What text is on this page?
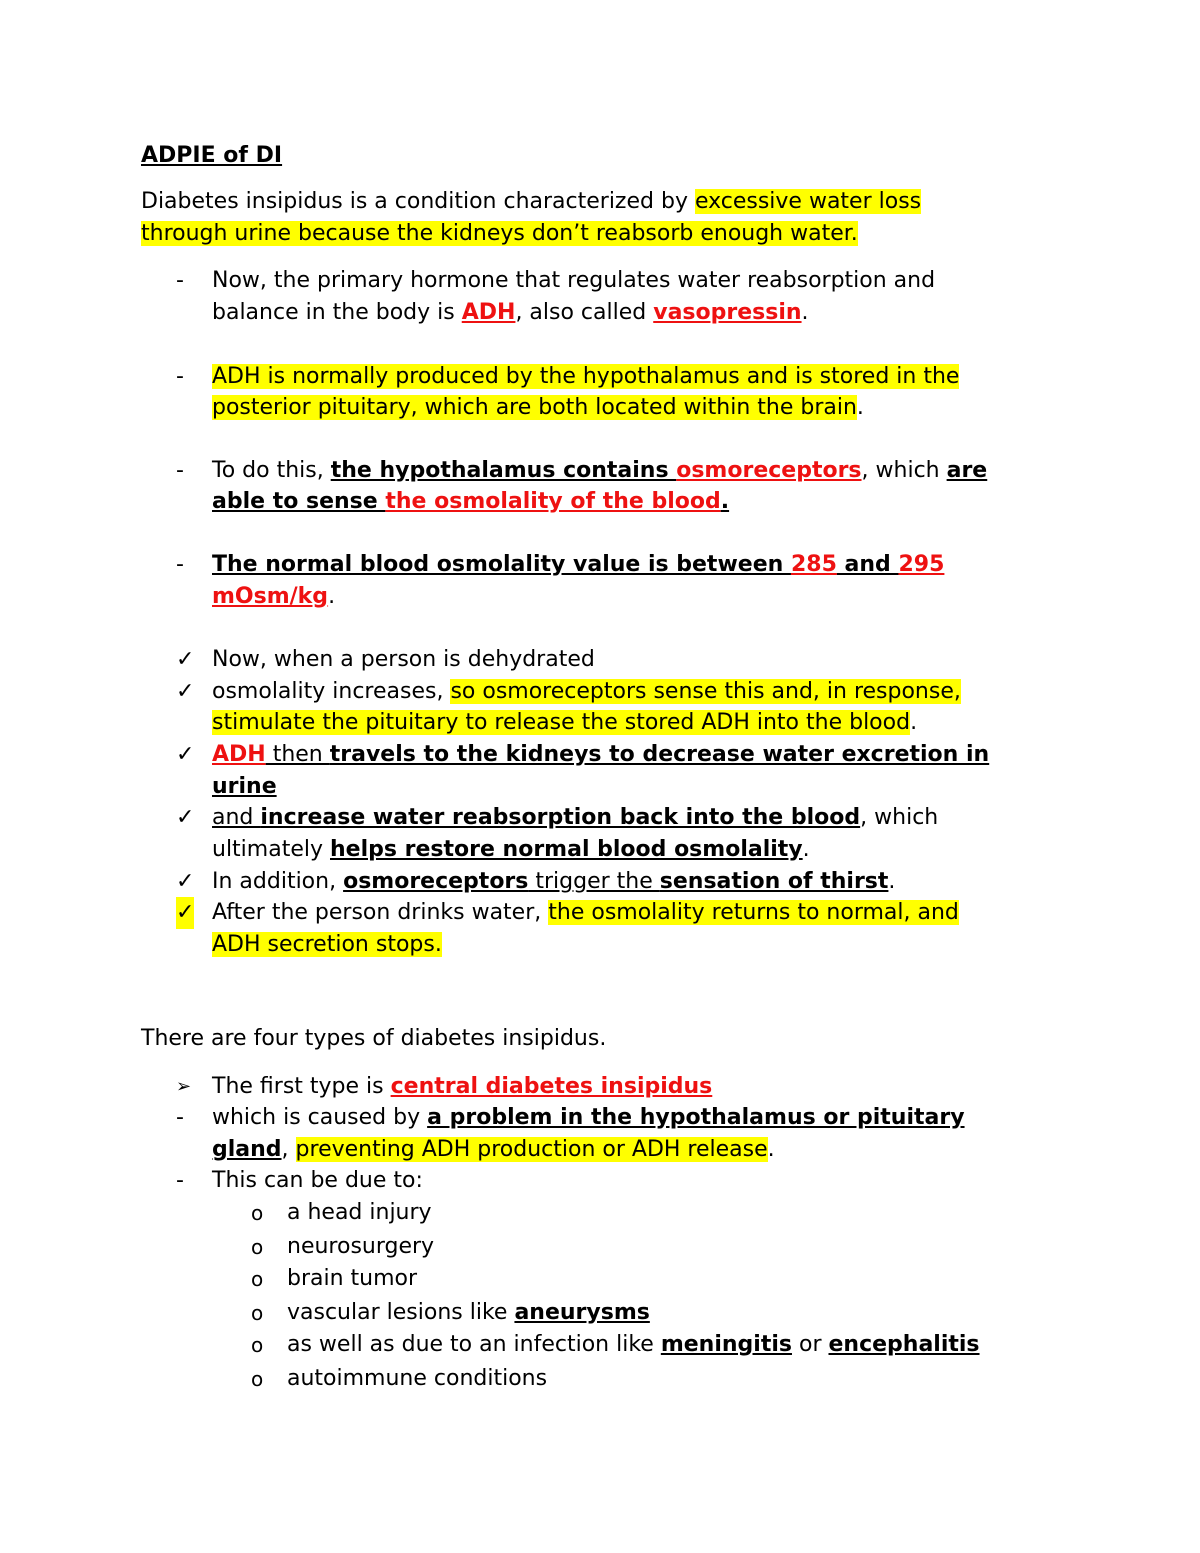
ADPIE of DI
Diabetes insipidus is a condition characterized by excessive water loss
through urine because the kidneys don’t reabsorb enough water.
- Now, the primary hormone that regulates water reabsorption and
balance in the body is ADH, also called vasopressin.
- ADH is normally produced by the hypothalamus and is stored in the
posterior pituitary, which are both located within the brain.
- To do this, the hypothalamus contains osmoreceptors, which are
able to sense the osmolality of the blood.
- The normal blood osmolality value is between 285 and 295
mOsm/kg.
✓ Now, when a person is dehydrated
✓ osmolality increases, so osmoreceptors sense this and, in response,
stimulate the pituitary to release the stored ADH into the blood.
✓ ADH then travels to the kidneys to decrease water excretion in
urine
✓ and increase water reabsorption back into the blood, which
ultimately helps restore normal blood osmolality.
✓ In addition, osmoreceptors trigger the sensation of thirst.
✓ After the person drinks water, the osmolality returns to normal, and
ADH secretion stops.
There are four types of diabetes insipidus.
➢ The first type is central diabetes insipidus
- which is caused by a problem in the hypothalamus or pituitary
gland, preventing ADH production or ADH release.
- This can be due to:
o a head injury
o neurosurgery
o brain tumor
o vascular lesions like aneurysms
o as well as due to an infection like meningitis or encephalitis
o autoimmune conditions
